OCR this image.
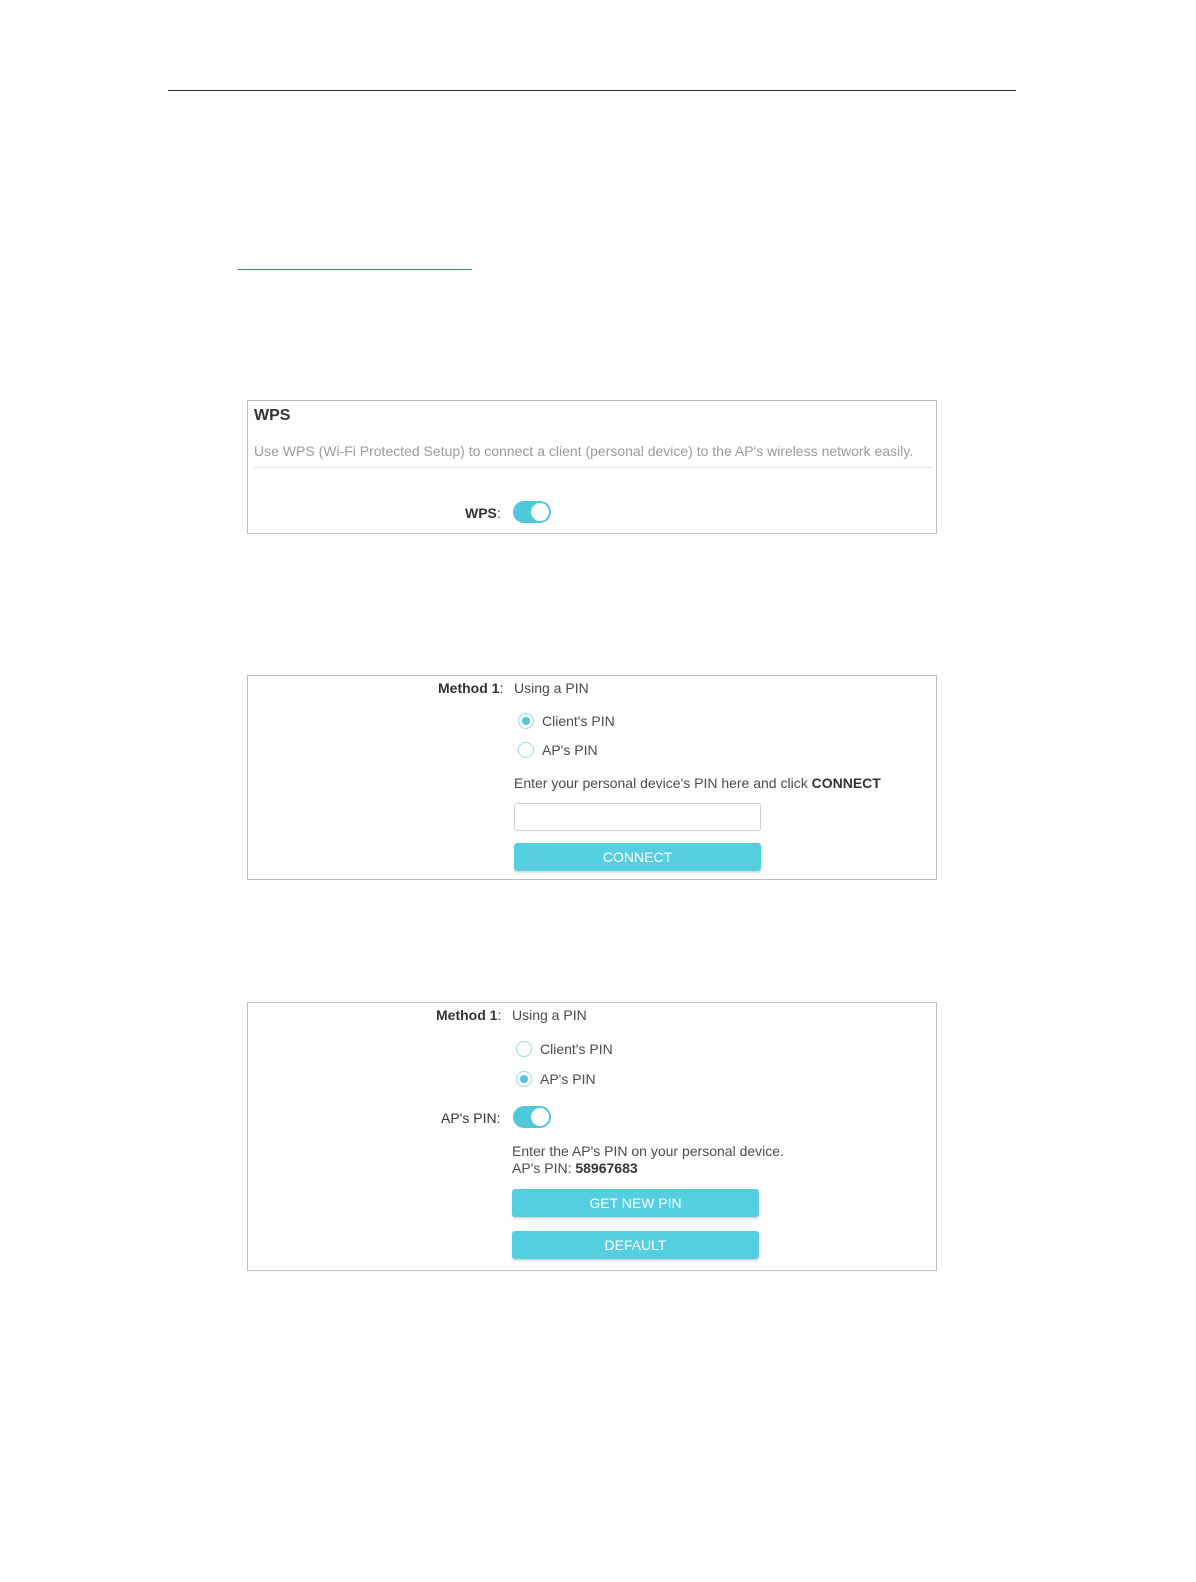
WPS
Use WPS (Wi-Fi Protected Setup) to connect a client (personal device) to the AP's wireless network easily.
WPS:
Method 1: Using a PIN
Client's PIN
AP's PIN
Enter your personal device's PIN here and click CONNECT
CONNECT
Method 1: Using a PIN
Client's PIN
AP's PIN
AP's PIN:
Enter the AP's PIN on your personal device.
AP's PIN: 58967683
GET NEW PIN
DEFAULT
